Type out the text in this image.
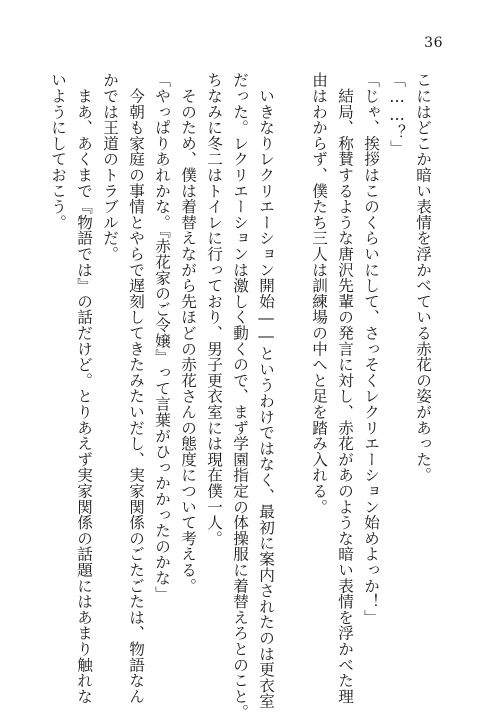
36
こにはどこか暗い表情を浮かべている赤花の姿があった。
「……？」
「じゃ、挨拶はこのくらいにして、さっそくレクリエーション始めよっか！」
　結局、称賛するような唐沢先輩の発言に対し、赤花があのような暗い表情を浮かべた理
由はわからず、僕たち三人は訓練場の中へと足を踏み入れる。
　いきなりレクリエーション開始――というわけではなく、最初に案内されたのは更衣室
だった。レクリエーションは激しく動くので、まず学園指定の体操服に着替えろとのこと。
ちなみに冬二はトイレに行っており、男子更衣室には現在僕一人。
　そのため、僕は着替えながら先ほどの赤花さんの態度について考える。
「やっぱりあれかな。『赤花家のご令嬢』って言葉がひっかかったのかな」
　今朝も家庭の事情とやらで遅刻してきたみたいだし、実家関係のごたごたは、物語なん
かでは王道のトラブルだ。
　まあ、あくまで『物語では』の話だけど。とりあえず実家関係の話題にはあまり触れな
いようにしておこう。
